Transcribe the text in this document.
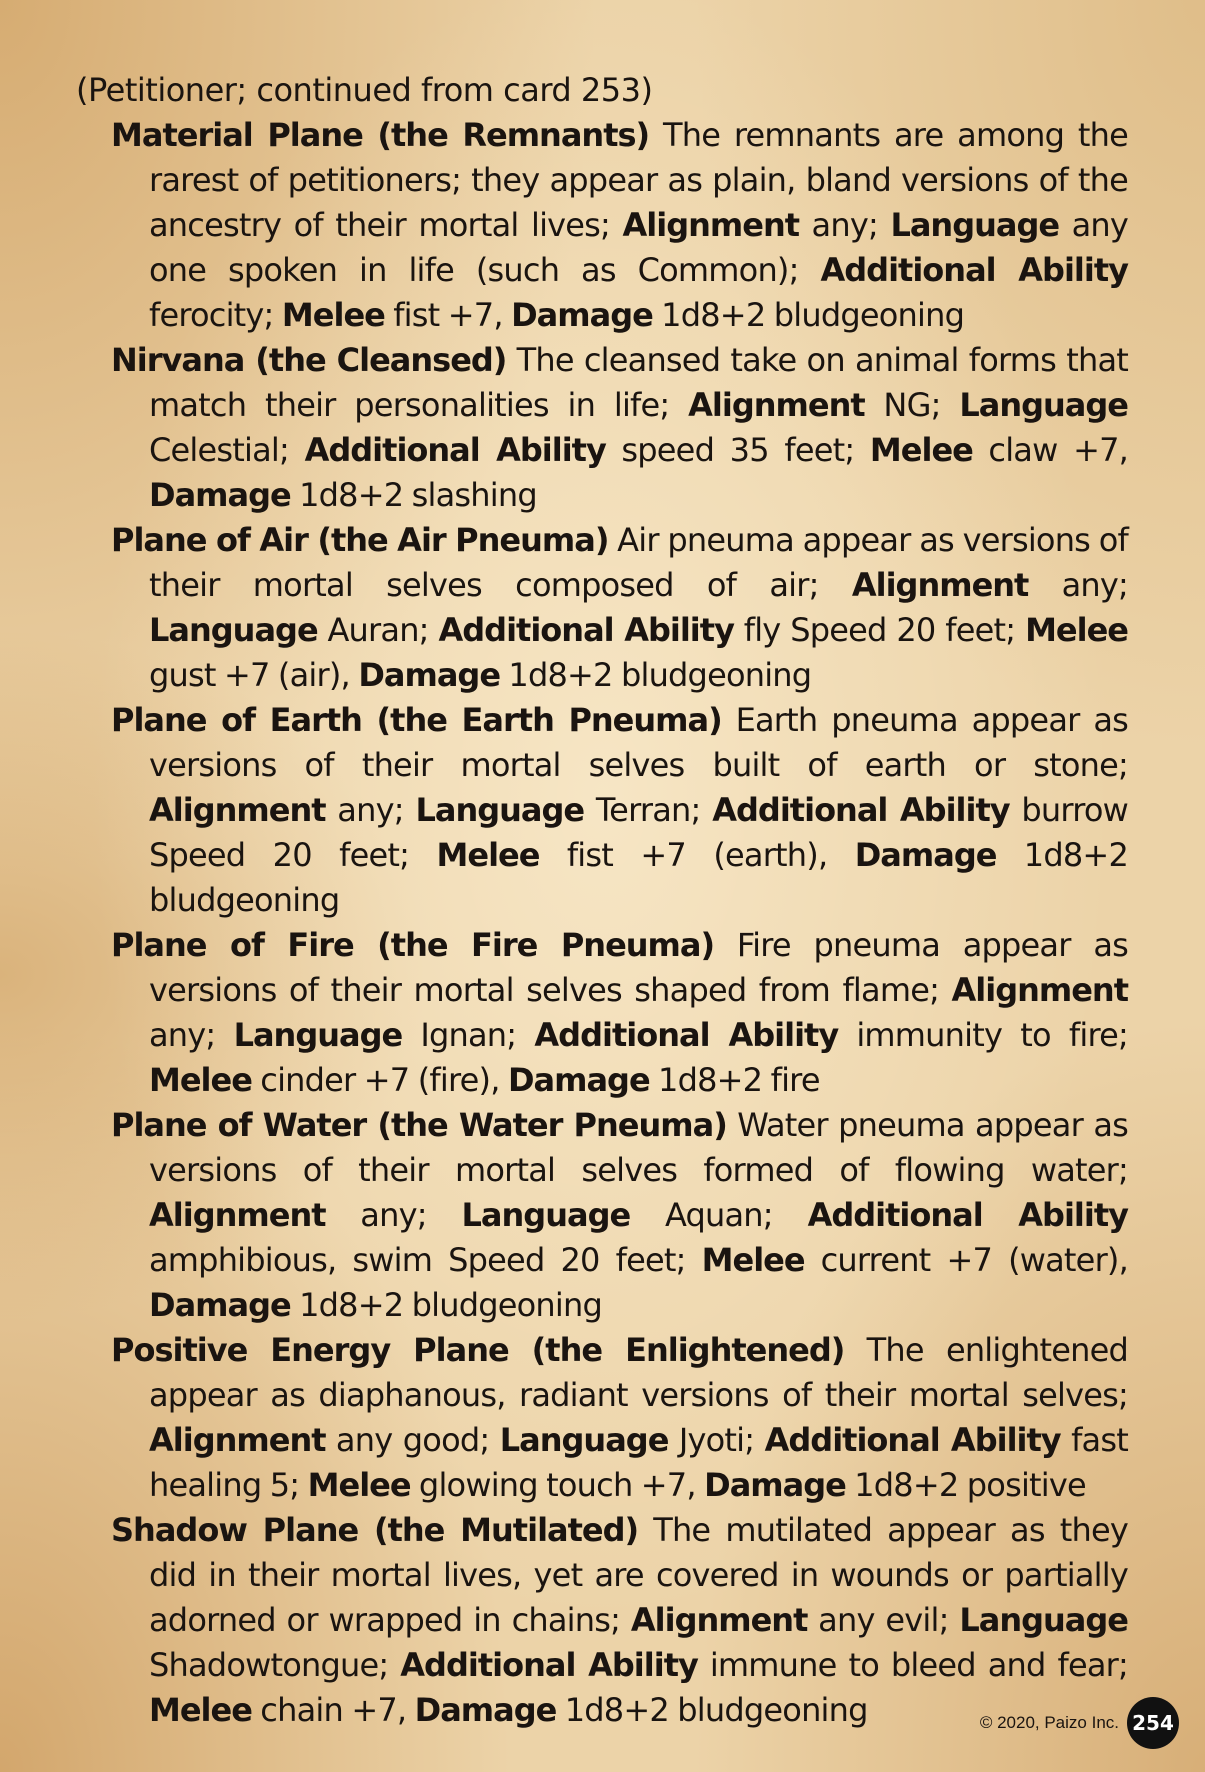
(Petitioner; continued from card 253)

Material Plane (the Remnants) The remnants are among the rarest of petitioners; they appear as plain, bland versions of the ancestry of their mortal lives; Alignment any; Language any one spoken in life (such as Common); Additional Ability ferocity; Melee fist +7, Damage 1d8+2 bludgeoning

Nirvana (the Cleansed) The cleansed take on animal forms that match their personalities in life; Alignment NG; Language Celestial; Additional Ability speed 35 feet; Melee claw +7, Damage 1d8+2 slashing

Plane of Air (the Air Pneuma) Air pneuma appear as versions of their mortal selves composed of air; Alignment any; Language Auran; Additional Ability fly Speed 20 feet; Melee gust +7 (air), Damage 1d8+2 bludgeoning

Plane of Earth (the Earth Pneuma) Earth pneuma appear as versions of their mortal selves built of earth or stone; Alignment any; Language Terran; Additional Ability burrow Speed 20 feet; Melee fist +7 (earth), Damage 1d8+2 bludgeoning

Plane of Fire (the Fire Pneuma) Fire pneuma appear as versions of their mortal selves shaped from flame; Alignment any; Language Ignan; Additional Ability immunity to fire; Melee cinder +7 (fire), Damage 1d8+2 fire

Plane of Water (the Water Pneuma) Water pneuma appear as versions of their mortal selves formed of flowing water; Alignment any; Language Aquan; Additional Ability amphibious, swim Speed 20 feet; Melee current +7 (water), Damage 1d8+2 bludgeoning

Positive Energy Plane (the Enlightened) The enlightened appear as diaphanous, radiant versions of their mortal selves; Alignment any good; Language Jyoti; Additional Ability fast healing 5; Melee glowing touch +7, Damage 1d8+2 positive

Shadow Plane (the Mutilated) The mutilated appear as they did in their mortal lives, yet are covered in wounds or partially adorned or wrapped in chains; Alignment any evil; Language Shadowtongue; Additional Ability immune to bleed and fear; Melee chain +7, Damage 1d8+2 bludgeoning	© 2020, Paizo Inc. 254
